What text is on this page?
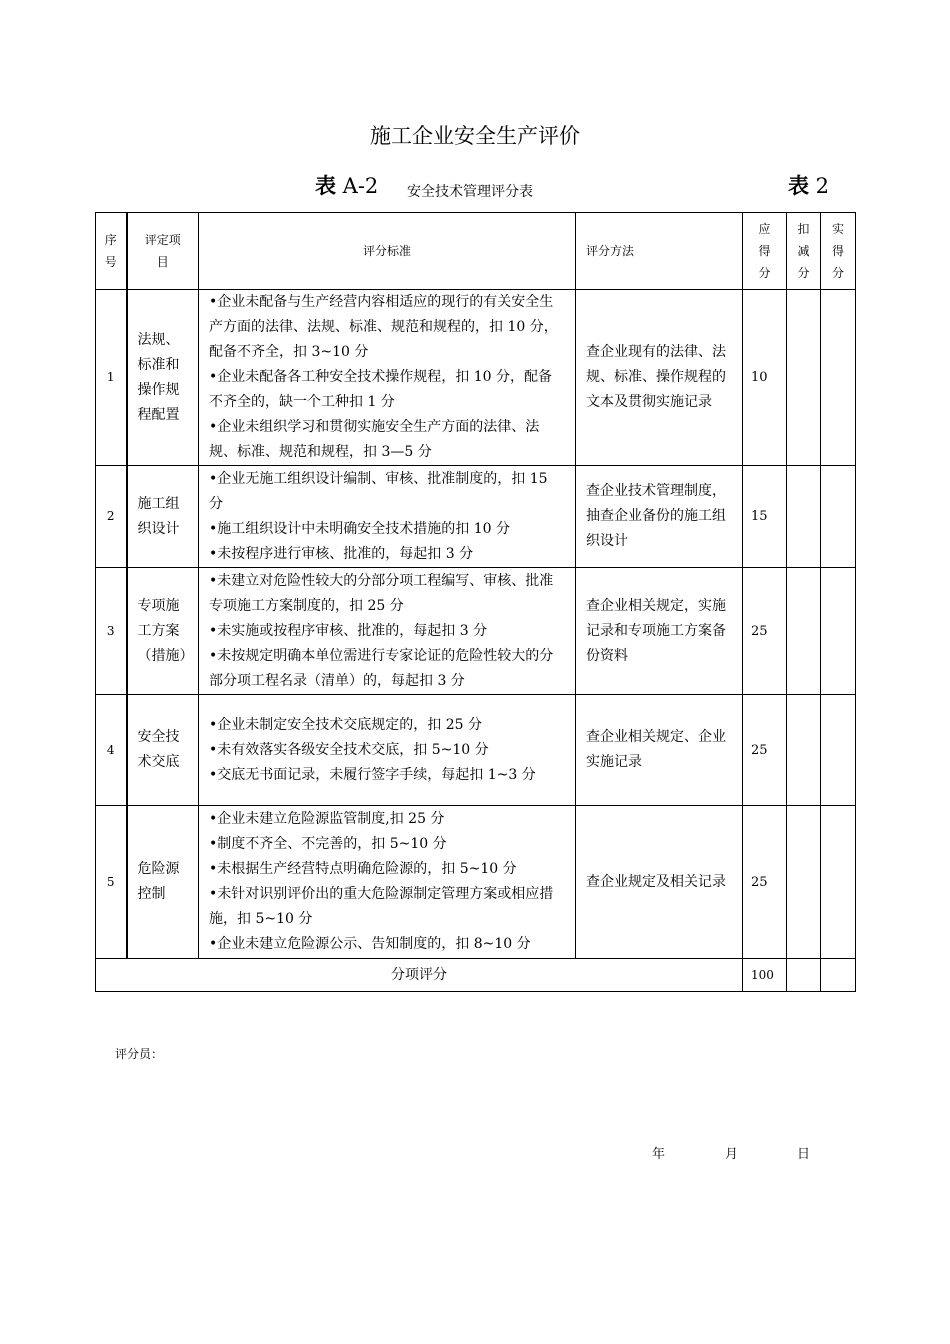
施工企业安全生产评价
表 A-2 安全技术管理评分表	表 2
序号	评定项目	评分标准	评分方法	应得分	扣减分	实得分
1	法规、标准和操作规程配置	•企业未配备与生产经营内容相适应的现行的有关安全生产方面的法律、法规、标准、规范和规程的，扣 10 分，配备不齐全，扣 3~10 分

•企业未配备各工种安全技术操作规程，扣 10 分，配备不齐全的，缺一个工种扣 1 分

•企业未组织学习和贯彻实施安全生产方面的法律、法规、标准、规范和规程，扣 3—5 分	查企业现有的法律、法规、标准、操作规程的文本及贯彻实施记录	10		
2	施工组织设计	•企业无施工组织设计编制、审核、批准制度的，扣 15 分

•施工组织设计中未明确安全技术措施的扣 10 分

•未按程序进行审核、批准的，每起扣 3 分	查企业技术管理制度，抽查企业备份的施工组织设计	15		
3	专项施工方案（措施）	•未建立对危险性较大的分部分项工程编写、审核、批准专项施工方案制度的，扣 25 分

•未实施或按程序审核、批准的，每起扣 3 分

•未按规定明确本单位需进行专家论证的危险性较大的分部分项工程名录（清单）的，每起扣 3 分	查企业相关规定，实施记录和专项施工方案备份资料	25		
4	安全技术交底	•企业未制定安全技术交底规定的，扣 25 分

•未有效落实各级安全技术交底，扣 5~10 分

•交底无书面记录，未履行签字手续，每起扣 1~3 分	查企业相关规定、企业实施记录	25		
5	危险源控制	•企业未建立危险源监管制度,扣 25 分

•制度不齐全、不完善的，扣 5~10 分

•未根据生产经营特点明确危险源的，扣 5~10 分

•未针对识别评价出的重大危险源制定管理方案或相应措施，扣 5~10 分

•企业未建立危险源公示、告知制度的，扣 8~10 分	查企业规定及相关记录	25		
分项评分				100		
评分员：
年	月	日
